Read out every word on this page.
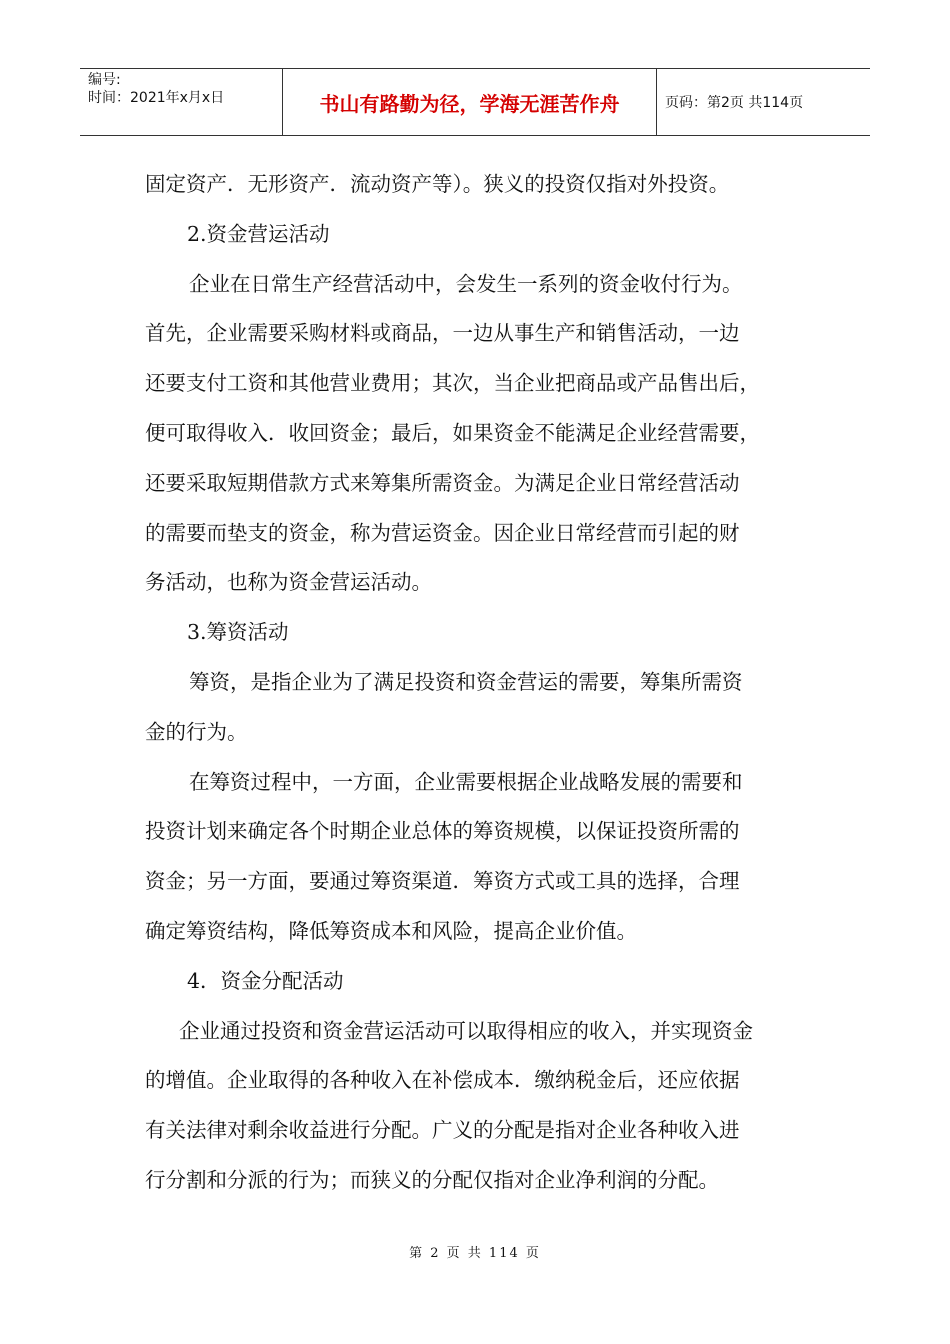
编号:
时间：2021年x月x日	书山有路勤为径，学海无涯苦作舟	页码：第2页 共114页
固定资产．无形资产．流动资产等）。狭义的投资仅指对外投资。
2.资金营运活动
企业在日常生产经营活动中，会发生一系列的资金收付行为。
首先，企业需要采购材料或商品，一边从事生产和销售活动，一边
还要支付工资和其他营业费用；其次，当企业把商品或产品售出后，
便可取得收入．收回资金；最后，如果资金不能满足企业经营需要，
还要采取短期借款方式来筹集所需资金。为满足企业日常经营活动
的需要而垫支的资金，称为营运资金。因企业日常经营而引起的财
务活动，也称为资金营运活动。
3.筹资活动
筹资，是指企业为了满足投资和资金营运的需要，筹集所需资
金的行为。
在筹资过程中，一方面，企业需要根据企业战略发展的需要和
投资计划来确定各个时期企业总体的筹资规模，以保证投资所需的
资金；另一方面，要通过筹资渠道．筹资方式或工具的选择，合理
确定筹资结构，降低筹资成本和风险，提高企业价值。
4．资金分配活动
企业通过投资和资金营运活动可以取得相应的收入，并实现资金
的增值。企业取得的各种收入在补偿成本．缴纳税金后，还应依据
有关法律对剩余收益进行分配。广义的分配是指对企业各种收入进
行分割和分派的行为；而狭义的分配仅指对企业净利润的分配。
第 2 页 共 114 页
